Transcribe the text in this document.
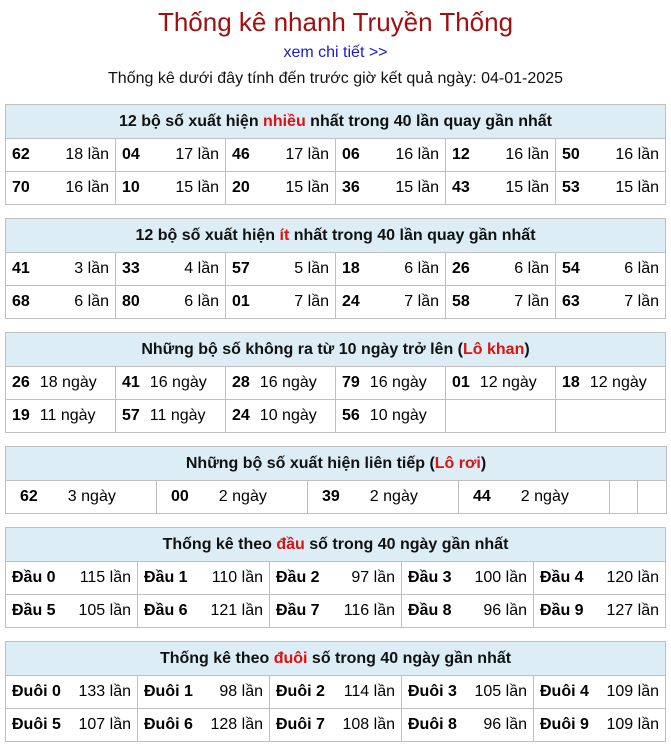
Thống kê nhanh Truyền Thống
xem chi tiết >>
Thống kê dưới đây tính đến trước giờ kết quả ngày: 04-01-2025
12 bộ số xuất hiện nhiều nhất trong 40 lần quay gần nhất					
62 18 lần	04 17 lần	46 17 lần	06 16 lần	12 16 lần	50 16 lần

70 16 lần	10 15 lần	20 15 lần	36 15 lần	43 15 lần	53 15 lần
12 bộ số xuất hiện ít nhất trong 40 lần quay gần nhất					
41 3 lần	33 4 lần	57 5 lần	18 6 lần	26 6 lần	54 6 lần

68 6 lần	80 6 lần	01 7 lần	24 7 lần	58 7 lần	63 7 lần
Những bộ số không ra từ 10 ngày trở lên (Lô khan)					
26 18 ngày	41 16 ngày	28 16 ngày	79 16 ngày	01 12 ngày	18 12 ngày
19 11 ngày	57 11 ngày	24 10 ngày	56 10 ngày		
Những bộ số xuất hiện liên tiếp (Lô rơi)
62 3 ngày	00 2 ngày	39 2 ngày	44 2 ngày		
Thống kê theo đầu số trong 40 ngày gần nhất				
Đầu 0 115 lần	Đầu 1 110 lần	Đầu 2 97 lần	Đầu 3 100 lần	Đầu 4 120 lần

Đầu 5 105 lần	Đầu 6 121 lần	Đầu 7 116 lần	Đầu 8 96 lần	Đầu 9 127 lần
Thống kê theo đuôi số trong 40 ngày gần nhất				
Đuôi 0 133 lần	Đuôi 1 98 lần	Đuôi 2 114 lần	Đuôi 3 105 lần	Đuôi 4 109 lần

Đuôi 5 107 lần	Đuôi 6 128 lần	Đuôi 7 108 lần	Đuôi 8 96 lần	Đuôi 9 109 lần
